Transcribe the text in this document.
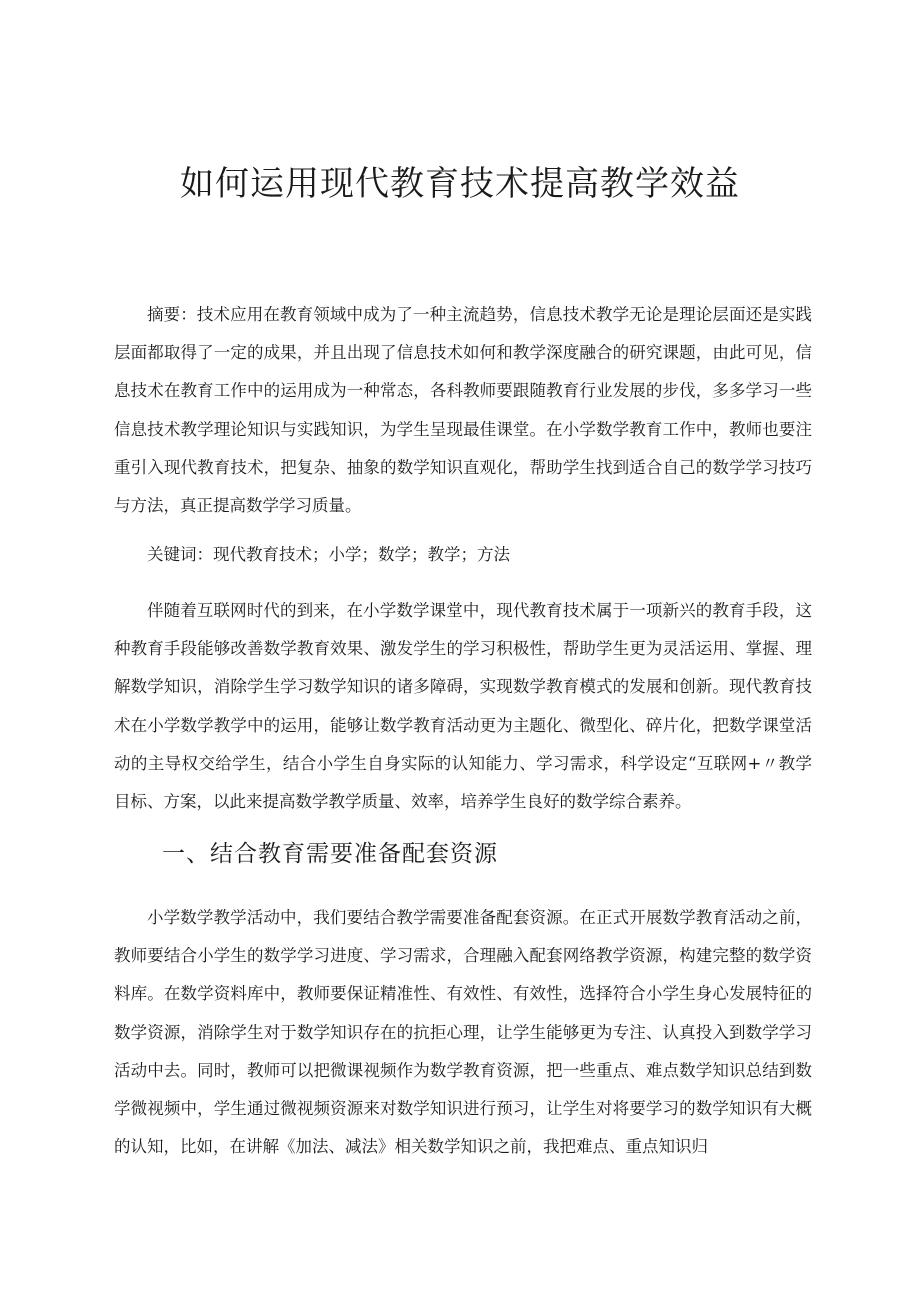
如何运用现代教育技术提高教学效益

摘要：技术应用在教育领域中成为了一种主流趋势，信息技术教学无论是理论层面还是实践层面都取得了一定的成果，并且出现了信息技术如何和教学深度融合的研究课题，由此可见，信息技术在教育工作中的运用成为一种常态，各科教师要跟随教育行业发展的步伐，多多学习一些信息技术教学理论知识与实践知识，为学生呈现最佳课堂。在小学数学教育工作中，教师也要注重引入现代教育技术，把复杂、抽象的数学知识直观化，帮助学生找到适合自己的数学学习技巧与方法，真正提高数学学习质量。

关键词：现代教育技术；小学；数学；教学；方法

伴随着互联网时代的到来，在小学数学课堂中，现代教育技术属于一项新兴的教育手段，这种教育手段能够改善数学教育效果、激发学生的学习积极性，帮助学生更为灵活运用、掌握、理解数学知识，消除学生学习数学知识的诸多障碍，实现数学教育模式的发展和创新。现代教育技术在小学数学教学中的运用，能够让数学教育活动更为主题化、微型化、碎片化，把数学课堂活动的主导权交给学生，结合小学生自身实际的认知能力、学习需求，科学设定“互联网+〃教学目标、方案，以此来提高数学教学质量、效率，培养学生良好的数学综合素养。

一、结合教育需要准备配套资源

小学数学教学活动中，我们要结合教学需要准备配套资源。在正式开展数学教育活动之前，教师要结合小学生的数学学习进度、学习需求，合理融入配套网络教学资源，构建完整的数学资料库。在数学资料库中，教师要保证精准性、有效性、有效性，选择符合小学生身心发展特征的数学资源，消除学生对于数学知识存在的抗拒心理，让学生能够更为专注、认真投入到数学学习活动中去。同时，教师可以把微课视频作为数学教育资源，把一些重点、难点数学知识总结到数学微视频中，学生通过微视频资源来对数学知识进行预习，让学生对将要学习的数学知识有大概的认知，比如，在讲解《加法、减法》相关数学知识之前，我把难点、重点知识归
